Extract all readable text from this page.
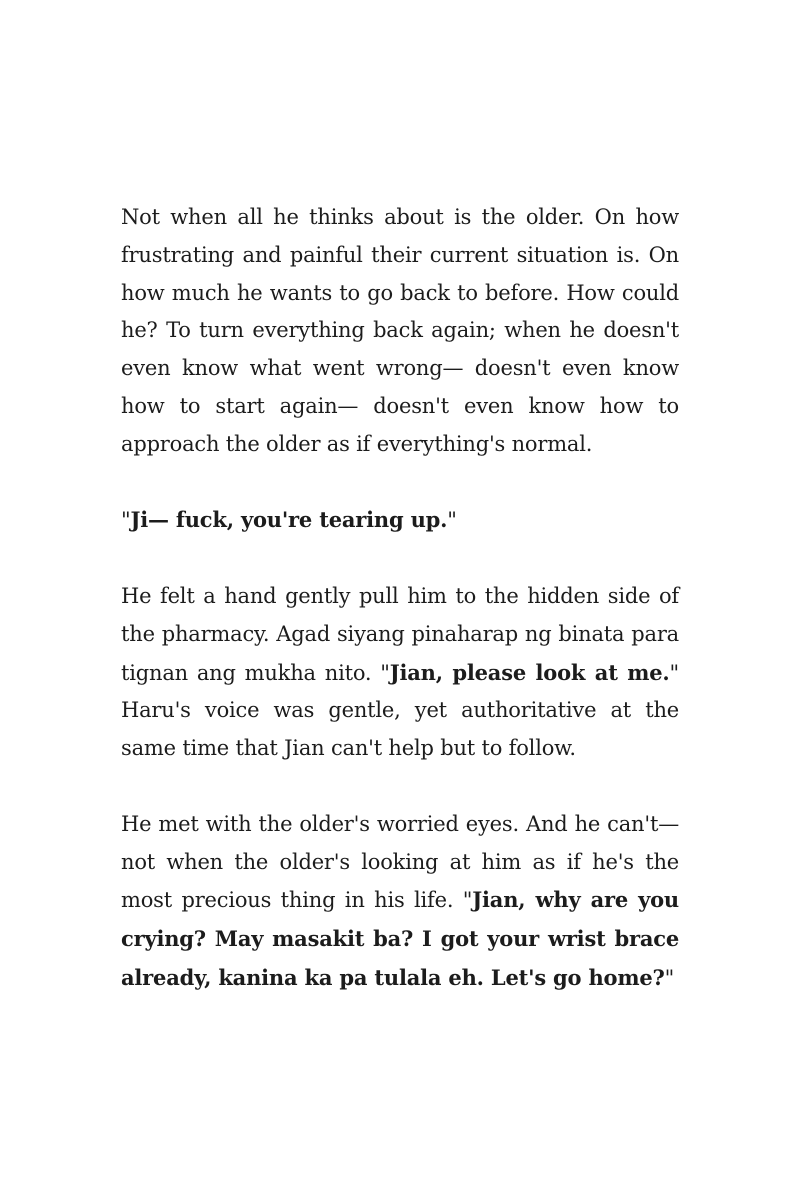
Not when all he thinks about is the older. On how frustrating and painful their current situation is. On how much he wants to go back to before. How could he? To turn everything back again; when he doesn't even know what went wrong— doesn't even know how to start again— doesn't even know how to approach the older as if everything's normal.

"Ji— fuck, you're tearing up."

He felt a hand gently pull him to the hidden side of the pharmacy. Agad siyang pinaharap ng binata para tignan ang mukha nito. "Jian, please look at me." Haru's voice was gentle, yet authoritative at the same time that Jian can't help but to follow.

He met with the older's worried eyes. And he can't— not when the older's looking at him as if he's the most precious thing in his life. "Jian, why are you crying? May masakit ba? I got your wrist brace already, kanina ka pa tulala eh. Let's go home?"
